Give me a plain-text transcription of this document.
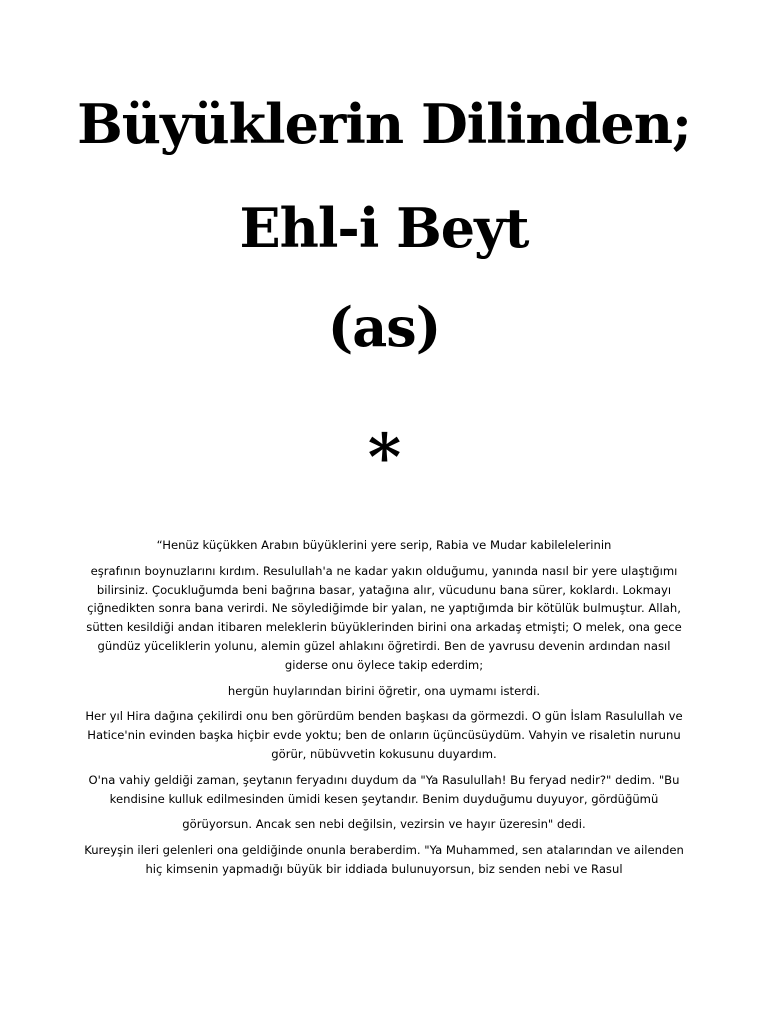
Büyüklerin Dilinden;
Ehl-i Beyt
(as)
*

“Henüz küçükken Arabın büyüklerini yere serip, Rabia ve Mudar kabilelelerinin

eşrafının boynuzlarını kırdım. Resulullah'a ne kadar yakın olduğumu, yanında nasıl bir yere ulaştığımı bilirsiniz. Çocukluğumda beni bağrına basar, yatağına alır, vücudunu bana sürer, koklardı. Lokmayı çiğnedikten sonra bana verirdi. Ne söylediğimde bir yalan, ne yaptığımda bir kötülük bulmuştur. Allah, sütten kesildiği andan itibaren meleklerin büyüklerinden birini ona arkadaş etmişti; O melek, ona gece gündüz yüceliklerin yolunu, alemin güzel ahlakını öğretirdi. Ben de yavrusu devenin ardından nasıl giderse onu öylece takip ederdim;

hergün huylarından birini öğretir, ona uymamı isterdi.

Her yıl Hira dağına çekilirdi onu ben görürdüm benden başkası da görmezdi. O gün İslam Rasulullah ve Hatice'nin evinden başka hiçbir evde yoktu; ben de onların üçüncüsüydüm. Vahyin ve risaletin nurunu görür, nübüvvetin kokusunu duyardım.

O'na vahiy geldiği zaman, şeytanın feryadını duydum da "Ya Rasulullah! Bu feryad nedir?" dedim. "Bu kendisine kulluk edilmesinden ümidi kesen şeytandır. Benim duyduğumu duyuyor, gördüğümü

görüyorsun. Ancak sen nebi değilsin, vezirsin ve hayır üzeresin" dedi.

Kureyşin ileri gelenleri ona geldiğinde onunla beraberdim. "Ya Muhammed, sen atalarından ve ailenden hiç kimsenin yapmadığı büyük bir iddiada bulunuyorsun, biz senden nebi ve Rasul
